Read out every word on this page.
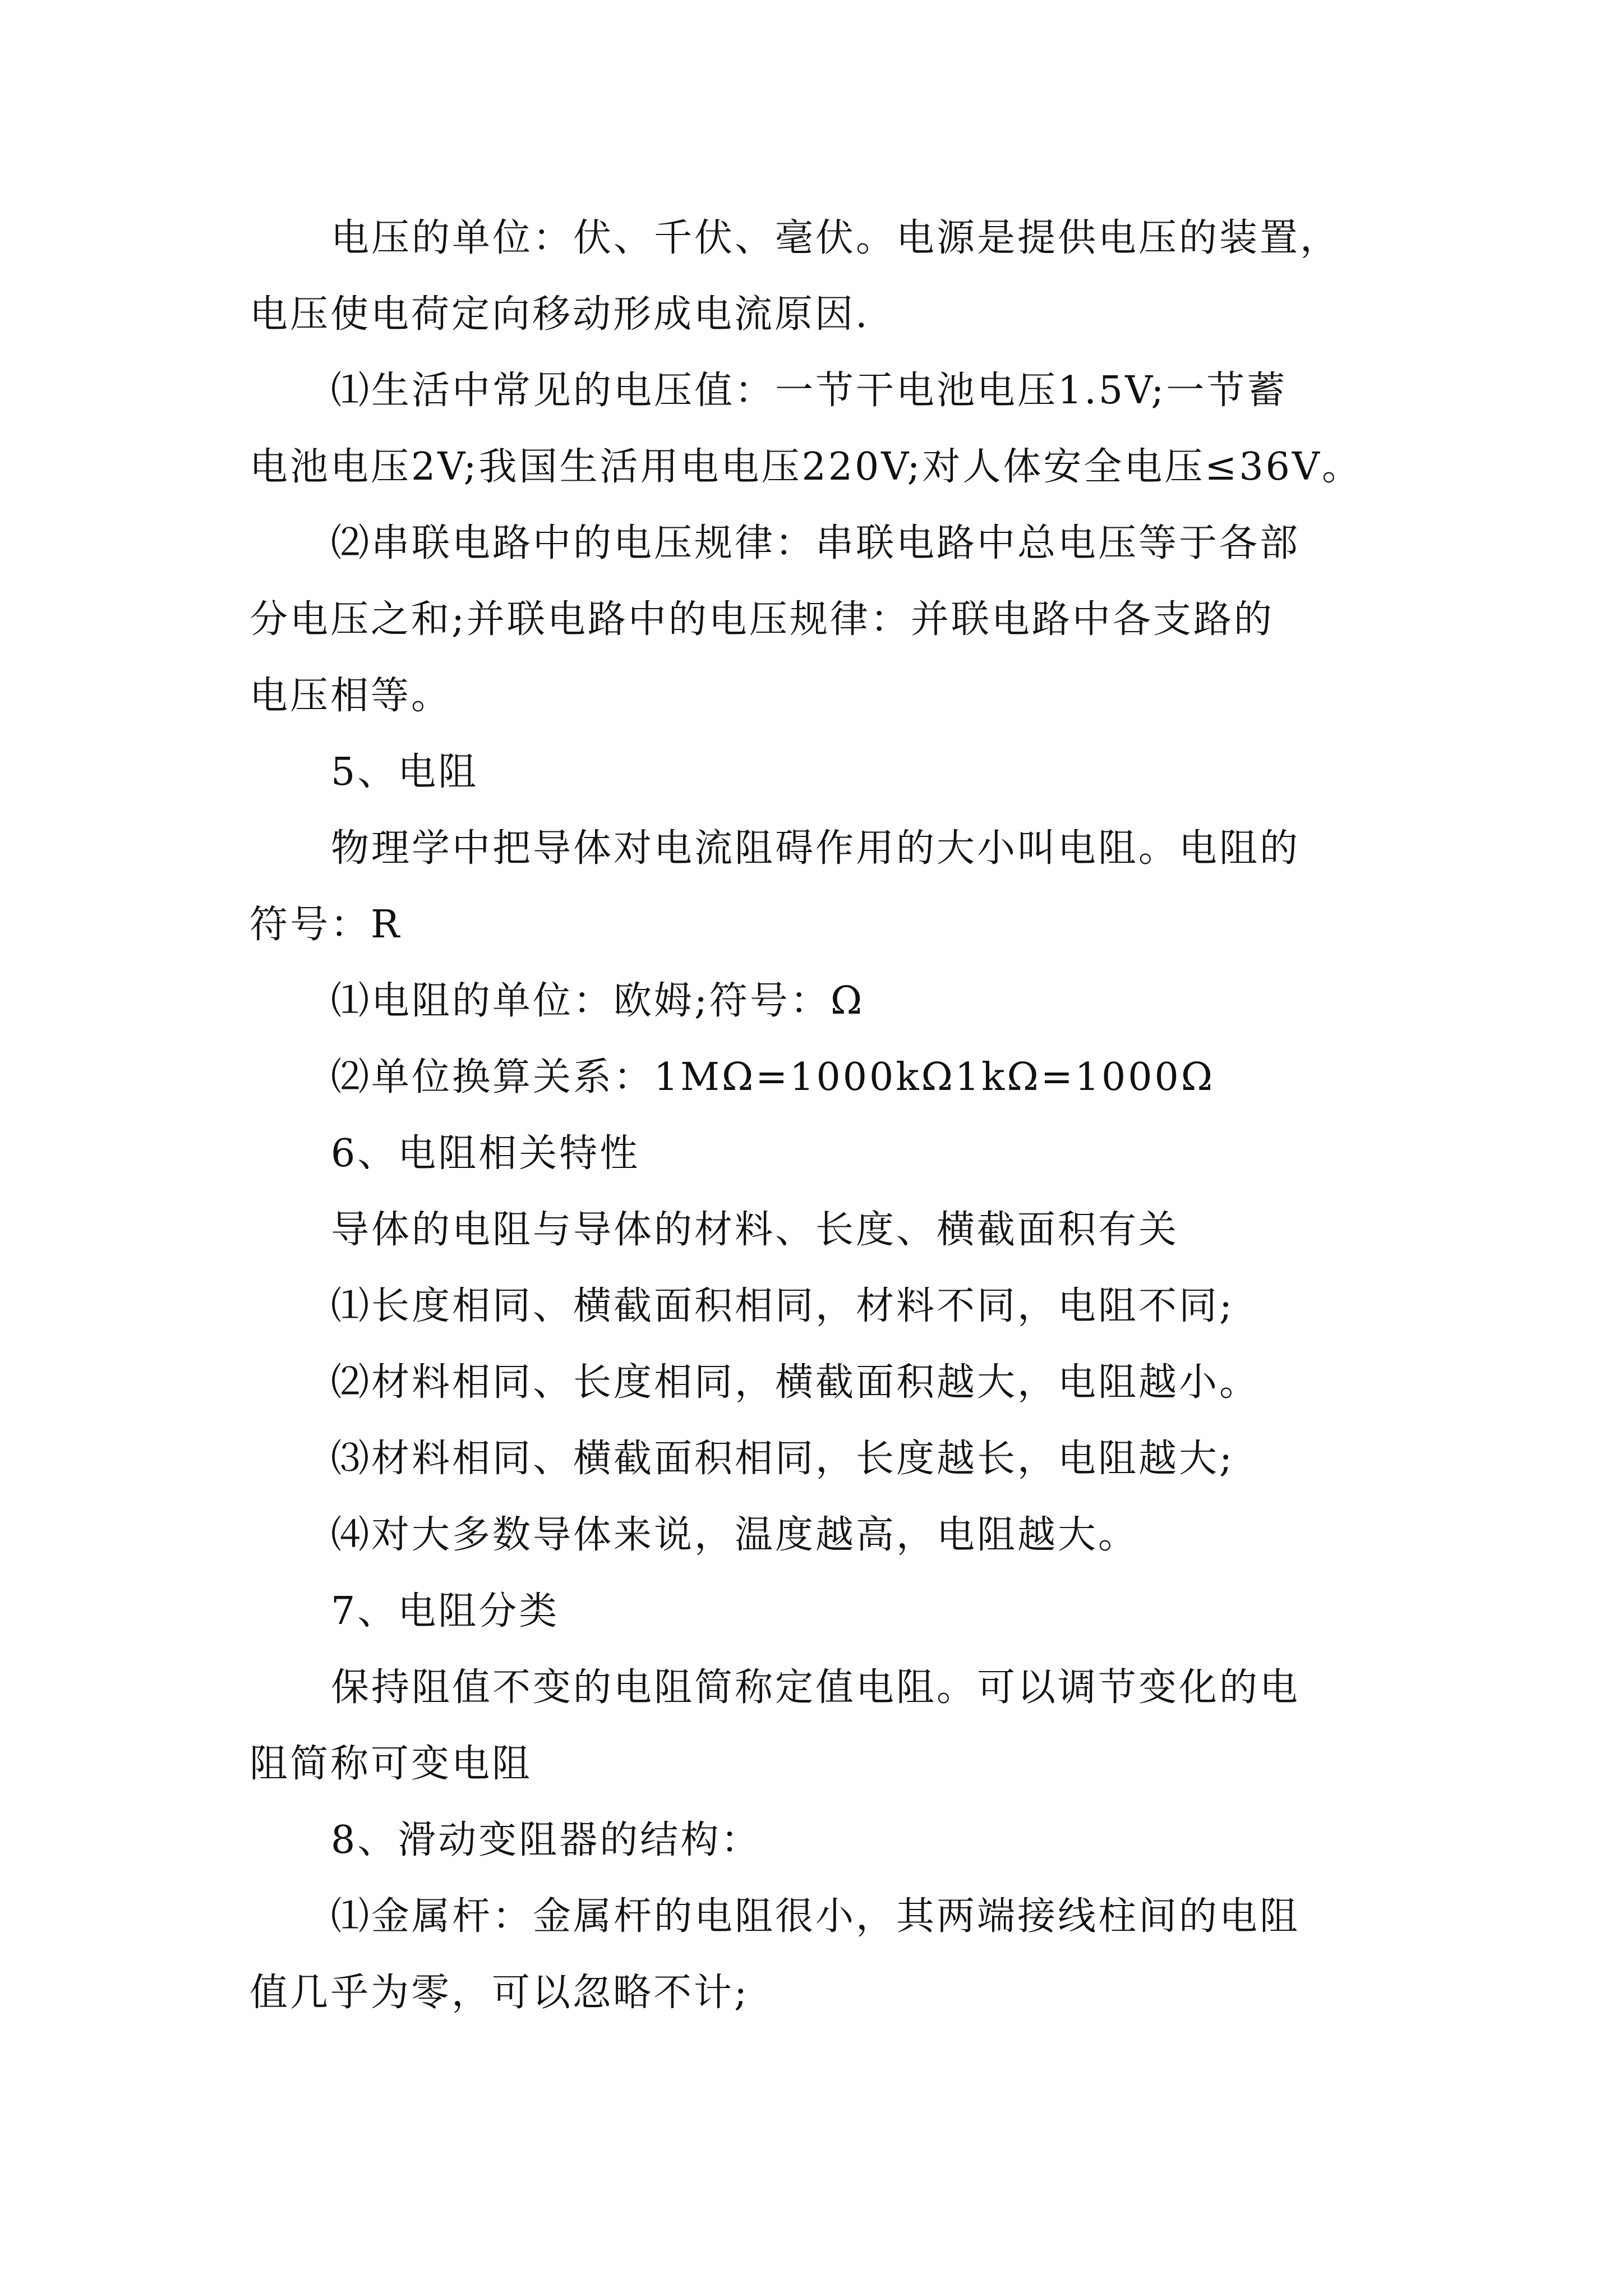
电压的单位：伏、千伏、毫伏。电源是提供电压的装置，
电压使电荷定向移动形成电流原因.
⑴生活中常见的电压值：一节干电池电压1.5V;一节蓄
电池电压2V;我国生活用电电压220V;对人体安全电压≤36V。
⑵串联电路中的电压规律：串联电路中总电压等于各部
分电压之和;并联电路中的电压规律：并联电路中各支路的
电压相等。
5、电阻
物理学中把导体对电流阻碍作用的大小叫电阻。电阻的
符号：R
⑴电阻的单位：欧姆;符号：Ω
⑵单位换算关系：1MΩ=1000kΩ1kΩ=1000Ω
6、电阻相关特性
导体的电阻与导体的材料、长度、横截面积有关
⑴长度相同、横截面积相同，材料不同，电阻不同;
⑵材料相同、长度相同，横截面积越大，电阻越小。
⑶材料相同、横截面积相同，长度越长，电阻越大;
⑷对大多数导体来说，温度越高，电阻越大。
7、电阻分类
保持阻值不变的电阻简称定值电阻。可以调节变化的电
阻简称可变电阻
8、滑动变阻器的结构：
⑴金属杆：金属杆的电阻很小，其两端接线柱间的电阻
值几乎为零，可以忽略不计;
